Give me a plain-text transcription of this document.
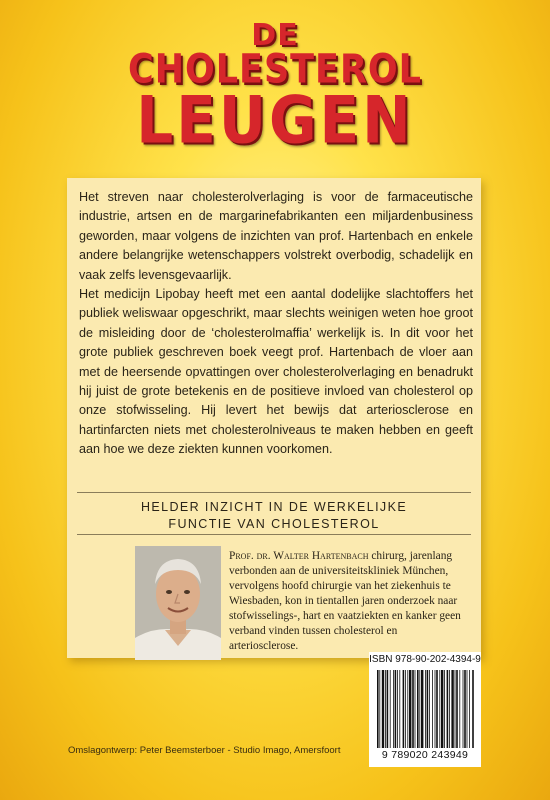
DE
CHOLESTEROL
LEUGEN

Het streven naar cholesterolverlaging is voor de farmaceutische industrie, artsen en de margarinefabrikanten een miljardenbusiness geworden, maar volgens de inzichten van prof. Hartenbach en enkele andere belangrijke wetenschappers volstrekt overbodig, schadelijk en vaak zelfs levensgevaarlijk.

Het medicijn Lipobay heeft met een aantal dodelijke slachtoffers het publiek weliswaar opgeschrikt, maar slechts weinigen weten hoe groot de misleiding door de ‘cholesterolmaffia’ werkelijk is. In dit voor het grote publiek geschreven boek veegt prof. Hartenbach de vloer aan met de heersende opvattingen over cholesterolverlaging en benadrukt hij juist de grote betekenis en de positieve invloed van cholesterol op onze stofwisseling. Hij levert het bewijs dat arteriosclerose en hartinfarcten niets met cholesterolniveaus te maken hebben en geeft aan hoe we deze ziekten kunnen voorkomen.

HELDER INZICHT IN DE WERKELIJKE
FUNCTIE VAN CHOLESTEROL
Prof. dr. Walter Hartenbach chirurg, jarenlang verbonden aan de universiteitskliniek München, vervolgens hoofd chirurgie van het ziekenhuis te Wiesbaden, kon in tientallen jaren onderzoek naar stofwisselings-, hart en vaatziekten en kanker geen verband vinden tussen cholesterol en arteriosclerose.
ISBN 978-90-202-4394-9
9 789020 243949
Omslagontwerp: Peter Beemsterboer - Studio Imago, Amersfoort
